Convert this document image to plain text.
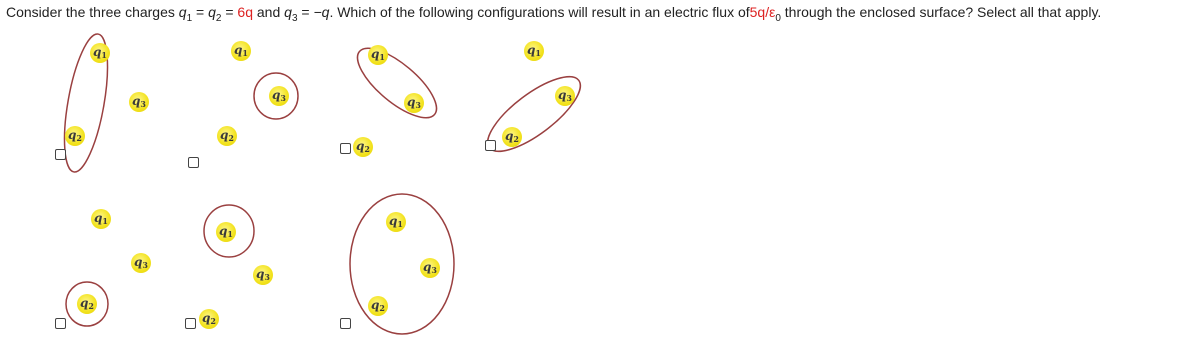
Consider the three charges $q_1 = q_2 = 6q$ and $q_3 = -q$. Which of the following configurations will result in an electric flux $of5q/\varepsilon_0$ through the enclosed surface? Select all that apply.
$q_1$
$q_3$
$q_2$
$q_1$
$q_3$
$q_2$
$q_1$
$q_3$
$q_2$
$q_1$
$q_3$
$q_2$
$q_1$
$q_3$
$q_2$
$q_1$
$q_3$
$q_2$
$q_1$
$q_3$
$q_2$
